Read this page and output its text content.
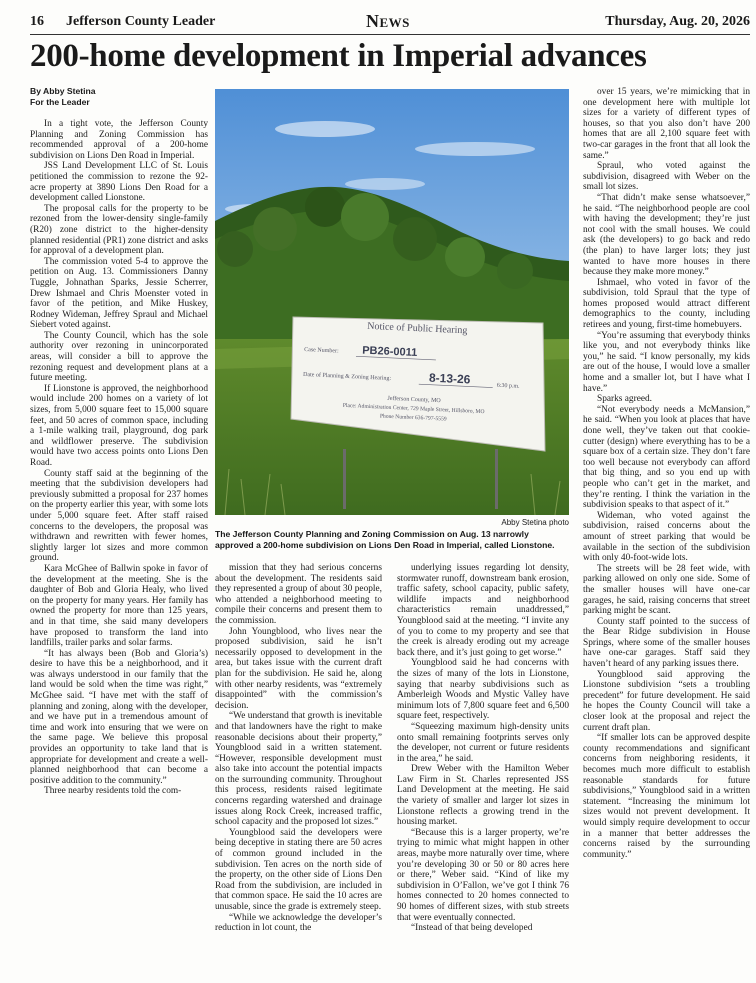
16 Jefferson County Leader	News	Thursday, Aug. 20, 2026
200-home development in Imperial advances
By Abby Stetina
For the Leader

In a tight vote, the Jefferson County Planning and Zoning Commission has recommended approval of a 200-home subdivision on Lions Den Road in Imperial.

JSS Land Development LLC of St. Louis petitioned the commission to rezone the 92-acre property at 3890 Lions Den Road for a development called Lionstone.

The proposal calls for the property to be rezoned from the lower-density single-family (R20) zone district to the higher-density planned residential (PR1) zone district and asks for approval of a development plan.

The commission voted 5-4 to approve the petition on Aug. 13. Commissioners Danny Tuggle, Johnathan Sparks, Jessie Scherrer, Drew Ishmael and Chris Moenster voted in favor of the petition, and Mike Huskey, Rodney Wideman, Jeffrey Spraul and Michael Siebert voted against.

The County Council, which has the sole authority over rezoning in unincorporated areas, will consider a bill to approve the rezoning request and development plans at a future meeting.

If Lionstone is approved, the neighborhood would include 200 homes on a variety of lot sizes, from 5,000 square feet to 15,000 square feet, and 50 acres of common space, including a 1-mile walking trail, playground, dog park and wildflower preserve. The subdivision would have two access points onto Lions Den Road.

County staff said at the beginning of the meeting that the subdivision developers had previously submitted a proposal for 237 homes on the property earlier this year, with some lots under 5,000 square feet. After staff raised concerns to the developers, the proposal was withdrawn and rewritten with fewer homes, slightly larger lot sizes and more common ground.

Kara McGhee of Ballwin spoke in favor of the development at the meeting. She is the daughter of Bob and Gloria Healy, who lived on the property for many years. Her family has owned the property for more than 125 years, and in that time, she said many developers have proposed to transform the land into landfills, trailer parks and solar farms.

“It has always been (Bob and Gloria’s) desire to have this be a neighborhood, and it was always understood in our family that the land would be sold when the time was right,” McGhee said. “I have met with the staff of planning and zoning, along with the developer, and we have put in a tremendous amount of time and work into ensuring that we were on the same page. We believe this proposal provides an opportunity to take land that is appropriate for development and create a well-planned neighborhood that can become a positive addition to the community.”

Three nearby residents told the com-

Notice of Public Hearing
Case Number: PB26-0011
Date of Planning & Zoning Hearing:	8-13-26	6:30 p.m.
Jefferson County, MO
Place: Administration Center, 729 Maple Street, Hillsboro, MO
Phone Number 636-797-5559
Abby Stetina photo
The Jefferson County Planning and Zoning Commission on Aug. 13 narrowly approved a 200-home subdivision on Lions Den Road in Imperial, called Lionstone.

mission that they had serious concerns about the development. The residents said they represented a group of about 30 people, who attended a neighborhood meeting to compile their concerns and present them to the commission.

John Youngblood, who lives near the proposed subdivision, said he isn’t necessarily opposed to development in the area, but takes issue with the current draft plan for the subdivision. He said he, along with other nearby residents, was “extremely disappointed” with the commission’s decision.

“We understand that growth is inevitable and that landowners have the right to make reasonable decisions about their property,” Youngblood said in a written statement. “However, responsible development must also take into account the potential impacts on the surrounding community. Throughout this process, residents raised legitimate concerns regarding watershed and drainage issues along Rock Creek, increased traffic, school capacity and the proposed lot sizes.”

Youngblood said the developers were being deceptive in stating there are 50 acres of common ground included in the subdivision. Ten acres on the north side of the property, on the other side of Lions Den Road from the subdivision, are included in that common space. He said the 10 acres are unusable, since the grade is extremely steep.

“While we acknowledge the developer’s reduction in lot count, the

underlying issues regarding lot density, stormwater runoff, downstream bank erosion, traffic safety, school capacity, public safety, wildlife impacts and neighborhood characteristics remain unaddressed,” Youngblood said at the meeting. “I invite any of you to come to my property and see that the creek is already eroding out my acreage back there, and it’s just going to get worse.”

Youngblood said he had concerns with the sizes of many of the lots in Lionstone, saying that nearby subdivisions such as Amberleigh Woods and Mystic Valley have minimum lots of 7,800 square feet and 6,500 square feet, respectively.

“Squeezing maximum high-density units onto small remaining footprints serves only the developer, not current or future residents in the area,” he said.

Drew Weber with the Hamilton Weber Law Firm in St. Charles represented JSS Land Development at the meeting. He said the variety of smaller and larger lot sizes in Lionstone reflects a growing trend in the housing market.

“Because this is a larger property, we’re trying to mimic what might happen in other areas, maybe more naturally over time, where you’re developing 30 or 50 or 80 acres here or there,” Weber said. “Kind of like my subdivision in O’Fallon, we’ve got I think 76 homes connected to 20 homes connected to 90 homes of different sizes, with stub streets that were eventually connected.

“Instead of that being developed

over 15 years, we’re mimicking that in one development here with multiple lot sizes for a variety of different types of houses, so that you also don’t have 200 homes that are all 2,100 square feet with two-car garages in the front that all look the same.”

Spraul, who voted against the subdivision, disagreed with Weber on the small lot sizes.

“That didn’t make sense whatsoever,” he said. “The neighborhood people are cool with having the development; they’re just not cool with the small houses. We could ask (the developers) to go back and redo (the plan) to have larger lots; they just wanted to have more houses in there because they make more money.”

Ishmael, who voted in favor of the subdivision, told Spraul that the type of homes proposed would attract different demographics to the county, including retirees and young, first-time homebuyers.

“You’re assuming that everybody thinks like you, and not everybody thinks like you,” he said. “I know personally, my kids are out of the house, I would love a smaller home and a smaller lot, but I have what I have.”

Sparks agreed.

“Not everybody needs a McMansion,” he said. “When you look at places that have done well, they’ve taken out that cookie-cutter (design) where everything has to be a square box of a certain size. They don’t fare too well because not everybody can afford that big thing, and so you end up with people who can’t get in the market, and they’re renting. I think the variation in the subdivision speaks to that aspect of it.”

Wideman, who voted against the subdivision, raised concerns about the amount of street parking that would be available in the section of the subdivision with only 40-foot-wide lots.

The streets will be 28 feet wide, with parking allowed on only one side. Some of the smaller houses will have one-car garages, he said, raising concerns that street parking might be scant.

County staff pointed to the success of the Bear Ridge subdivision in House Springs, where some of the smaller houses have one-car garages. Staff said they haven’t heard of any parking issues there.

Youngblood said approving the Lionstone subdivision “sets a troubling precedent” for future development. He said he hopes the County Council will take a closer look at the proposal and reject the current draft plan.

“If smaller lots can be approved despite county recommendations and significant concerns from neighboring residents, it becomes much more difficult to establish reasonable standards for future subdivisions,” Youngblood said in a written statement. “Increasing the minimum lot sizes would not prevent development. It would simply require development to occur in a manner that better addresses the concerns raised by the surrounding community.”
